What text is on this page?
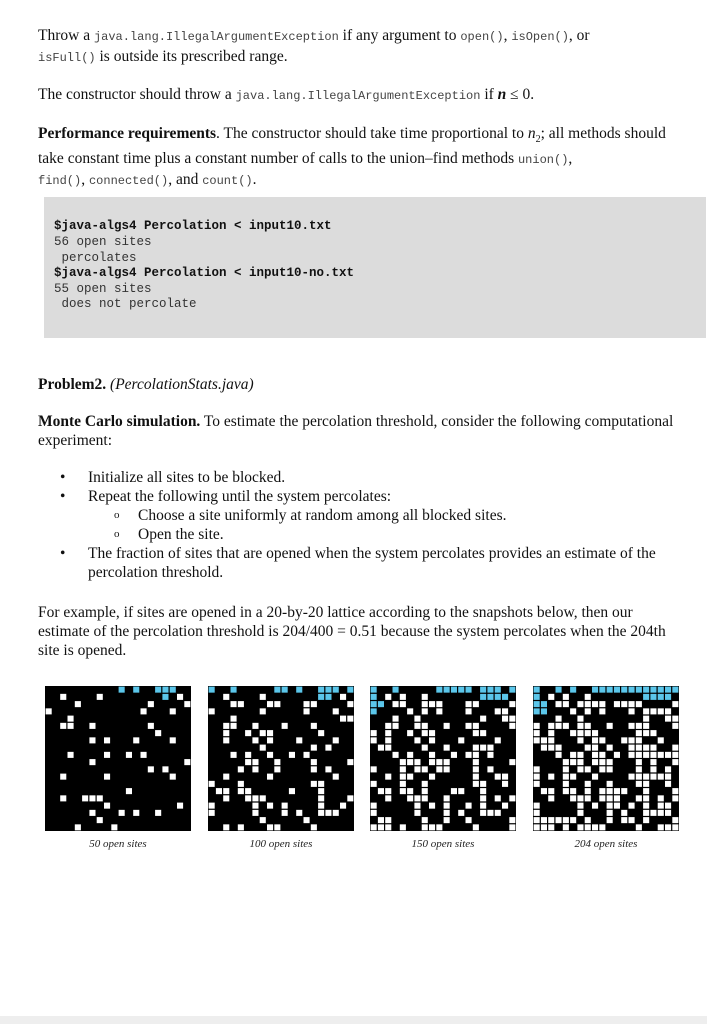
Throw a java.lang.IllegalArgumentException if any argument to open(), isOpen(), or
isFull() is outside its prescribed range.

The constructor should throw a java.lang.IllegalArgumentException if n ≤ 0.

Performance requirements. The constructor should take time proportional to $n_2$; all methods should take constant time plus a constant number of calls to the union–find methods union(),
find(), connected(), and count().

$java-algs4 Percolation < input10.txt
56 open sites
percolates
$java-algs4 Percolation < input10-no.txt
55 open sites
does not percolate

Problem2. (PercolationStats.java)

Monte Carlo simulation. To estimate the percolation threshold, consider the following computational experiment:

• Initialize all sites to be blocked.
• Repeat the following until the system percolates:
o Choose a site uniformly at random among all blocked sites.
o Open the site.
• The fraction of sites that are opened when the system percolates provides an estimate of the percolation threshold.

For example, if sites are opened in a 20-by-20 lattice according to the snapshots below, then our estimate of the percolation threshold is 204/400 = 0.51 because the system percolates when the 204th site is opened.

50 open sites	100 open sites	150 open sites	204 open sites
